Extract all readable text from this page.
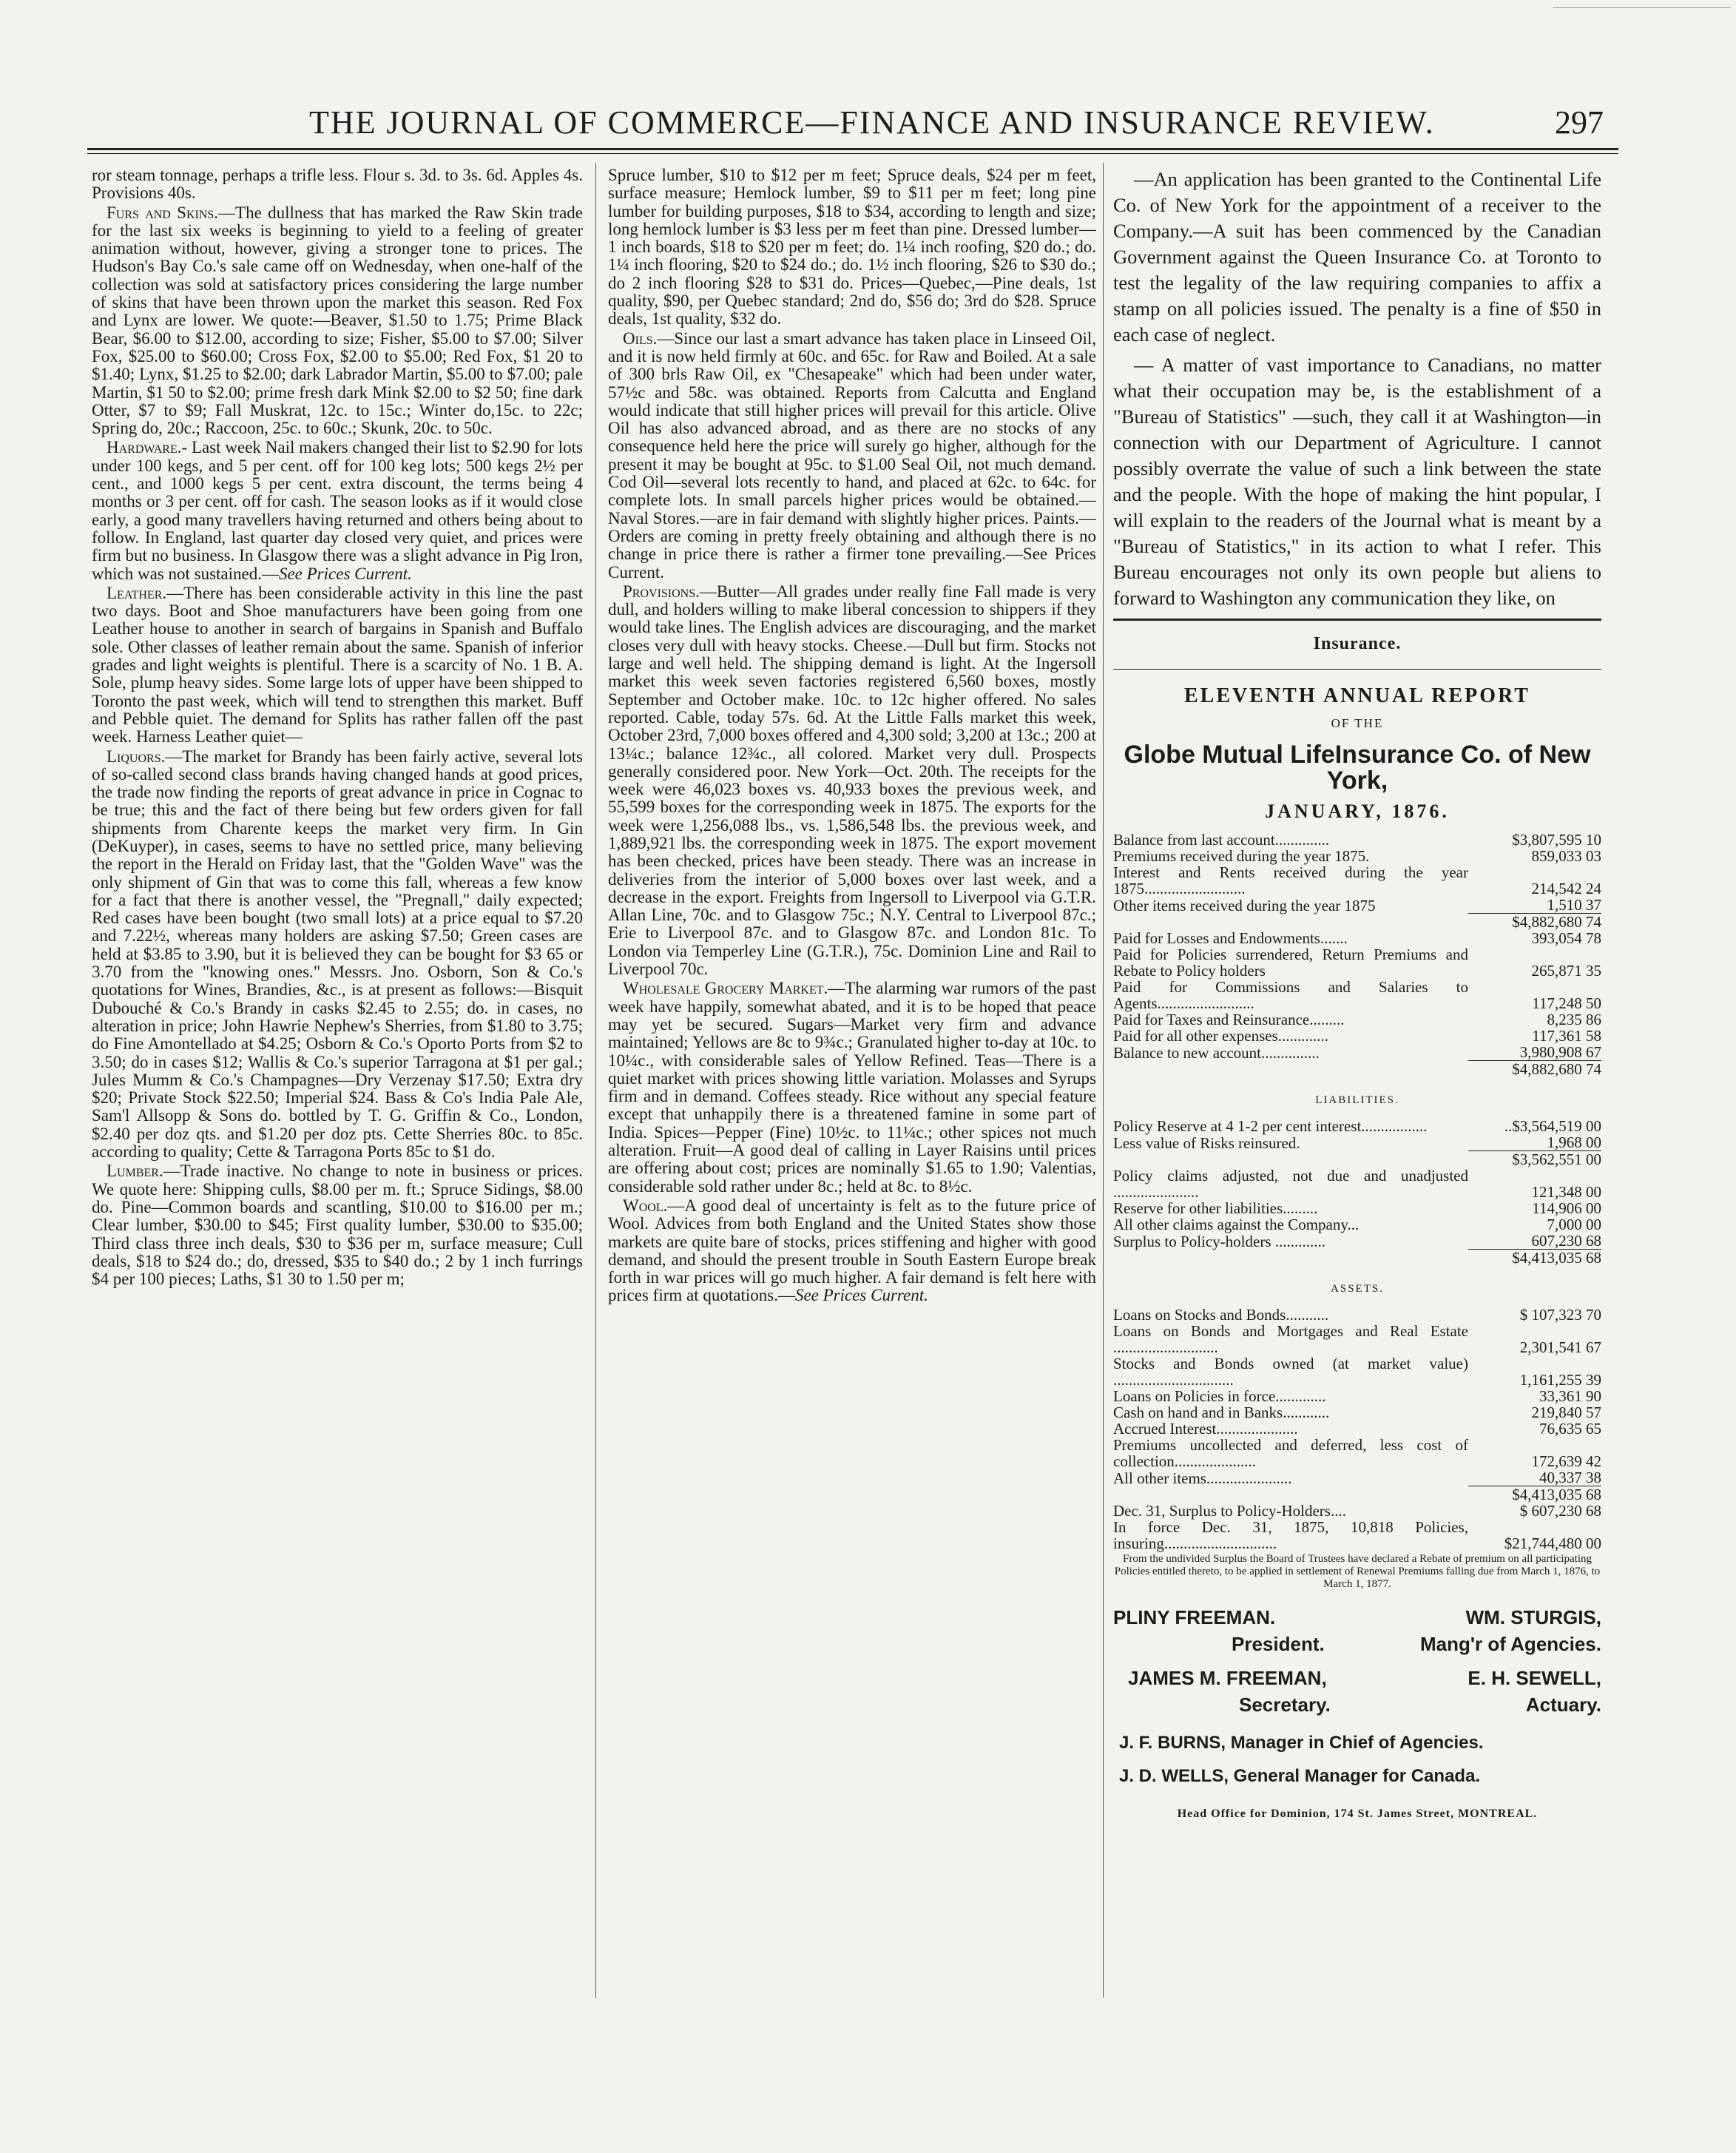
THE JOURNAL OF COMMERCE—FINANCE AND INSURANCE REVIEW.	297

ror steam tonnage, perhaps a trifle less. Flour s. 3d. to 3s. 6d. Apples 4s. Provisions 40s.

Furs and Skins.—The dullness that has marked the Raw Skin trade for the last six weeks is beginning to yield to a feeling of greater animation without, however, giving a stronger tone to prices. The Hudson's Bay Co.'s sale came off on Wednesday, when one-half of the collection was sold at satisfactory prices considering the large number of skins that have been thrown upon the market this season. Red Fox and Lynx are lower. We quote:—Beaver, $1.50 to 1.75; Prime Black Bear, $6.00 to $12.00, according to size; Fisher, $5.00 to $7.00; Silver Fox, $25.00 to $60.00; Cross Fox, $2.00 to $5.00; Red Fox, $1 20 to $1.40; Lynx, $1.25 to $2.00; dark Labrador Martin, $5.00 to $7.00; pale Martin, $1 50 to $2.00; prime fresh dark Mink $2.00 to $2 50; fine dark Otter, $7 to $9; Fall Muskrat, 12c. to 15c.; Winter do,15c. to 22c; Spring do, 20c.; Raccoon, 25c. to 60c.; Skunk, 20c. to 50c.

Hardware.- Last week Nail makers changed their list to $2.90 for lots under 100 kegs, and 5 per cent. off for 100 keg lots; 500 kegs 2½ per cent., and 1000 kegs 5 per cent. extra discount, the terms being 4 months or 3 per cent. off for cash. The season looks as if it would close early, a good many travellers having returned and others being about to follow. In England, last quarter day closed very quiet, and prices were firm but no business. In Glasgow there was a slight advance in Pig Iron, which was not sustained.—See Prices Current.

Leather.—There has been considerable activity in this line the past two days. Boot and Shoe manufacturers have been going from one Leather house to another in search of bargains in Spanish and Buffalo sole. Other classes of leather remain about the same. Spanish of inferior grades and light weights is plentiful. There is a scarcity of No. 1 B. A. Sole, plump heavy sides. Some large lots of upper have been shipped to Toronto the past week, which will tend to strengthen this market. Buff and Pebble quiet. The demand for Splits has rather fallen off the past week. Harness Leather quiet—

Liquors.—The market for Brandy has been fairly active, several lots of so-called second class brands having changed hands at good prices, the trade now finding the reports of great advance in price in Cognac to be true; this and the fact of there being but few orders given for fall shipments from Charente keeps the market very firm. In Gin (DeKuyper), in cases, seems to have no settled price, many believing the report in the Herald on Friday last, that the "Golden Wave" was the only shipment of Gin that was to come this fall, whereas a few know for a fact that there is another vessel, the "Pregnall," daily expected; Red cases have been bought (two small lots) at a price equal to $7.20 and 7.22½, whereas many holders are asking $7.50; Green cases are held at $3.85 to 3.90, but it is believed they can be bought for $3 65 or 3.70 from the "knowing ones." Messrs. Jno. Osborn, Son & Co.'s quotations for Wines, Brandies, &c., is at present as follows:—Bisquit Dubouché & Co.'s Brandy in casks $2.45 to 2.55; do. in cases, no alteration in price; John Hawrie Nephew's Sherries, from $1.80 to 3.75; do Fine Amontellado at $4.25; Osborn & Co.'s Oporto Ports from $2 to 3.50; do in cases $12; Wallis & Co.'s superior Tarragona at $1 per gal.; Jules Mumm & Co.'s Champagnes—Dry Verzenay $17.50; Extra dry $20; Private Stock $22.50; Imperial $24. Bass & Co's India Pale Ale, Sam'l Allsopp & Sons do. bottled by T. G. Griffin & Co., London, $2.40 per doz qts. and $1.20 per doz pts. Cette Sherries 80c. to 85c. according to quality; Cette & Tarragona Ports 85c to $1 do.

Lumber.—Trade inactive. No change to note in business or prices. We quote here: Shipping culls, $8.00 per m. ft.; Spruce Sidings, $8.00 do. Pine—Common boards and scantling, $10.00 to $16.00 per m.; Clear lumber, $30.00 to $45; First quality lumber, $30.00 to $35.00; Third class three inch deals, $30 to $36 per m, surface measure; Cull deals, $18 to $24 do.; do, dressed, $35 to $40 do.; 2 by 1 inch furrings $4 per 100 pieces; Laths, $1 30 to 1.50 per m;

Spruce lumber, $10 to $12 per m feet; Spruce deals, $24 per m feet, surface measure; Hemlock lumber, $9 to $11 per m feet; long pine lumber for building purposes, $18 to $34, according to length and size; long hemlock lumber is $3 less per m feet than pine. Dressed lumber—1 inch boards, $18 to $20 per m feet; do. 1¼ inch roofing, $20 do.; do. 1¼ inch flooring, $20 to $24 do.; do. 1½ inch flooring, $26 to $30 do.; do 2 inch flooring $28 to $31 do. Prices—Quebec,—Pine deals, 1st quality, $90, per Quebec standard; 2nd do, $56 do; 3rd do $28. Spruce deals, 1st quality, $32 do.

Oils.—Since our last a smart advance has taken place in Linseed Oil, and it is now held firmly at 60c. and 65c. for Raw and Boiled. At a sale of 300 brls Raw Oil, ex "Chesapeake" which had been under water, 57½c and 58c. was obtained. Reports from Calcutta and England would indicate that still higher prices will prevail for this article. Olive Oil has also advanced abroad, and as there are no stocks of any consequence held here the price will surely go higher, although for the present it may be bought at 95c. to $1.00 Seal Oil, not much demand. Cod Oil—several lots recently to hand, and placed at 62c. to 64c. for complete lots. In small parcels higher prices would be obtained.—Naval Stores.—are in fair demand with slightly higher prices. Paints.—Orders are coming in pretty freely obtaining and although there is no change in price there is rather a firmer tone prevailing.—See Prices Current.

Provisions.—Butter—All grades under really fine Fall made is very dull, and holders willing to make liberal concession to shippers if they would take lines. The English advices are discouraging, and the market closes very dull with heavy stocks. Cheese.—Dull but firm. Stocks not large and well held. The shipping demand is light. At the Ingersoll market this week seven factories registered 6,560 boxes, mostly September and October make. 10c. to 12c higher offered. No sales reported. Cable, today 57s. 6d. At the Little Falls market this week, October 23rd, 7,000 boxes offered and 4,300 sold; 3,200 at 13c.; 200 at 13¼c.; balance 12¾c., all colored. Market very dull. Prospects generally considered poor. New York—Oct. 20th. The receipts for the week were 46,023 boxes vs. 40,933 boxes the previous week, and 55,599 boxes for the corresponding week in 1875. The exports for the week were 1,256,088 lbs., vs. 1,586,548 lbs. the previous week, and 1,889,921 lbs. the corresponding week in 1875. The export movement has been checked, prices have been steady. There was an increase in deliveries from the interior of 5,000 boxes over last week, and a decrease in the export. Freights from Ingersoll to Liverpool via G.T.R. Allan Line, 70c. and to Glasgow 75c.; N.Y. Central to Liverpool 87c.; Erie to Liverpool 87c. and to Glasgow 87c. and London 81c. To London via Temperley Line (G.T.R.), 75c. Dominion Line and Rail to Liverpool 70c.

Wholesale Grocery Market.—The alarming war rumors of the past week have happily, somewhat abated, and it is to be hoped that peace may yet be secured. Sugars—Market very firm and advance maintained; Yellows are 8c to 9¾c.; Granulated higher to-day at 10c. to 10¼c., with considerable sales of Yellow Refined. Teas—There is a quiet market with prices showing little variation. Molasses and Syrups firm and in demand. Coffees steady. Rice without any special feature except that unhappily there is a threatened famine in some part of India. Spices—Pepper (Fine) 10½c. to 11¼c.; other spices not much alteration. Fruit—A good deal of calling in Layer Raisins until prices are offering about cost; prices are nominally $1.65 to 1.90; Valentias, considerable sold rather under 8c.; held at 8c. to 8½c.

Wool.—A good deal of uncertainty is felt as to the future price of Wool. Advices from both England and the United States show those markets are quite bare of stocks, prices stiffening and higher with good demand, and should the present trouble in South Eastern Europe break forth in war prices will go much higher. A fair demand is felt here with prices firm at quotations.—See Prices Current.

—An application has been granted to the Continental Life Co. of New York for the appointment of a receiver to the Company.—A suit has been commenced by the Canadian Government against the Queen Insurance Co. at Toronto to test the legality of the law requiring companies to affix a stamp on all policies issued. The penalty is a fine of $50 in each case of neglect.

— A matter of vast importance to Canadians, no matter what their occupation may be, is the establishment of a "Bureau of Statistics" —such, they call it at Washington—in connection with our Department of Agriculture. I cannot possibly overrate the value of such a link between the state and the people. With the hope of making the hint popular, I will explain to the readers of the Journal what is meant by a "Bureau of Statistics," in its action to what I refer. This Bureau encourages not only its own people but aliens to forward to Washington any communication they like, on

Insurance.
ELEVENTH ANNUAL REPORT
OF THE
Globe Mutual LifeInsurance Co. of New York,
JANUARY, 1876.
Balance from last account..............	$3,807,595 10
Premiums received during the year 1875.	859,033 03
Interest and Rents received during the year 1875..........................	214,542 24
Other items received during the year 1875	1,510 37
	$4,882,680 74
Paid for Losses and Endowments.......	393,054 78
Paid for Policies surrendered, Return Premiums and Rebate to Policy holders	265,871 35
Paid for Commissions and Salaries to Agents.........................	117,248 50
Paid for Taxes and Reinsurance.........	8,235 86
Paid for all other expenses.............	117,361 58
Balance to new account...............	3,980,908 67
	$4,882,680 74
LIABILITIES.
Policy Reserve at 4 1-2 per cent interest.................	..$3,564,519 00
Less value of Risks reinsured.	1,968 00
	$3,562,551 00
Policy claims adjusted, not due and unadjusted ......................	121,348 00
Reserve for other liabilities.........	114,906 00
All other claims against the Company...	7,000 00
Surplus to Policy-holders .............	607,230 68
	$4,413,035 68
ASSETS.
Loans on Stocks and Bonds...........	$ 107,323 70
Loans on Bonds and Mortgages and Real Estate ...........................	2,301,541 67
Stocks and Bonds owned (at market value) ...............................	1,161,255 39
Loans on Policies in force.............	33,361 90
Cash on hand and in Banks............	219,840 57
Accrued Interest.....................	76,635 65
Premiums uncollected and deferred, less cost of collection.....................	172,639 42
All other items......................	40,337 38
	$4,413,035 68
Dec. 31, Surplus to Policy-Holders....	$ 607,230 68
In force Dec. 31, 1875, 10,818 Policies, insuring.............................	$21,744,480 00
From the undivided Surplus the Board of Trustees have declared a Rebate of premium on all participating Policies entitled thereto, to be applied in settlement of Renewal Premiums falling due from March 1, 1876, to March 1, 1877.
PLINY FREEMAN.	WM. STURGIS,
President.	Mang'r of Agencies.
JAMES M. FREEMAN,	E. H. SEWELL,
Secretary.	Actuary.
J. F. BURNS, Manager in Chief of Agencies.
J. D. WELLS, General Manager for Canada.
Head Office for Dominion, 174 St. James Street, MONTREAL.
